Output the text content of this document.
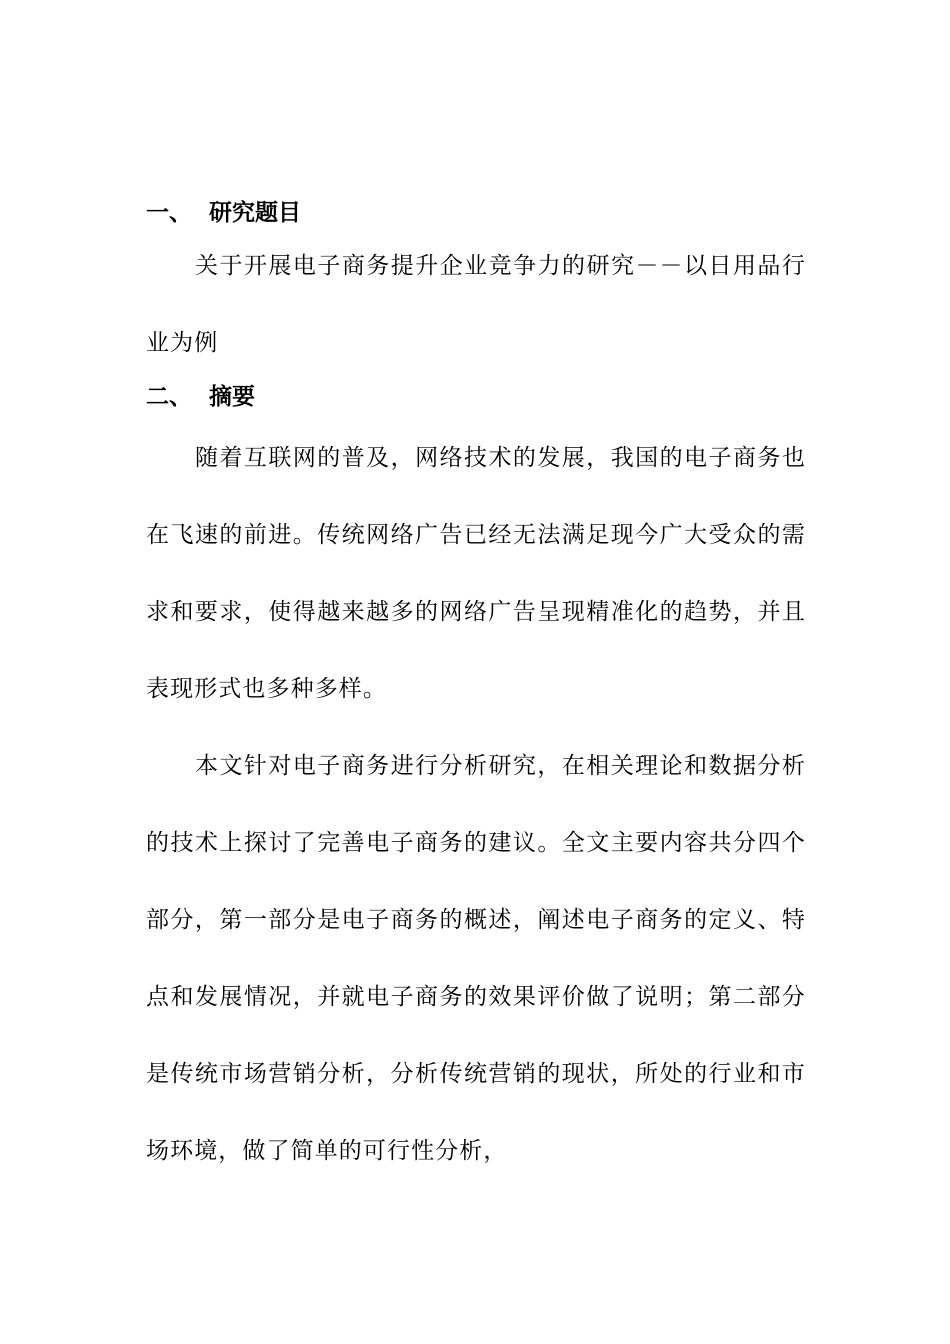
一、 研究题目

关于开展电子商务提升企业竞争力的研究－－以日用品行业为例

二、 摘要

随着互联网的普及，网络技术的发展，我国的电子商务也在飞速的前进。传统网络广告已经无法满足现今广大受众的需求和要求，使得越来越多的网络广告呈现精准化的趋势，并且表现形式也多种多样。

本文针对电子商务进行分析研究，在相关理论和数据分析的技术上探讨了完善电子商务的建议。全文主要内容共分四个部分，第一部分是电子商务的概述，阐述电子商务的定义、特点和发展情况，并就电子商务的效果评价做了说明；第二部分是传统市场营销分析，分析传统营销的现状，所处的行业和市场环境，做了简单的可行性分析，
